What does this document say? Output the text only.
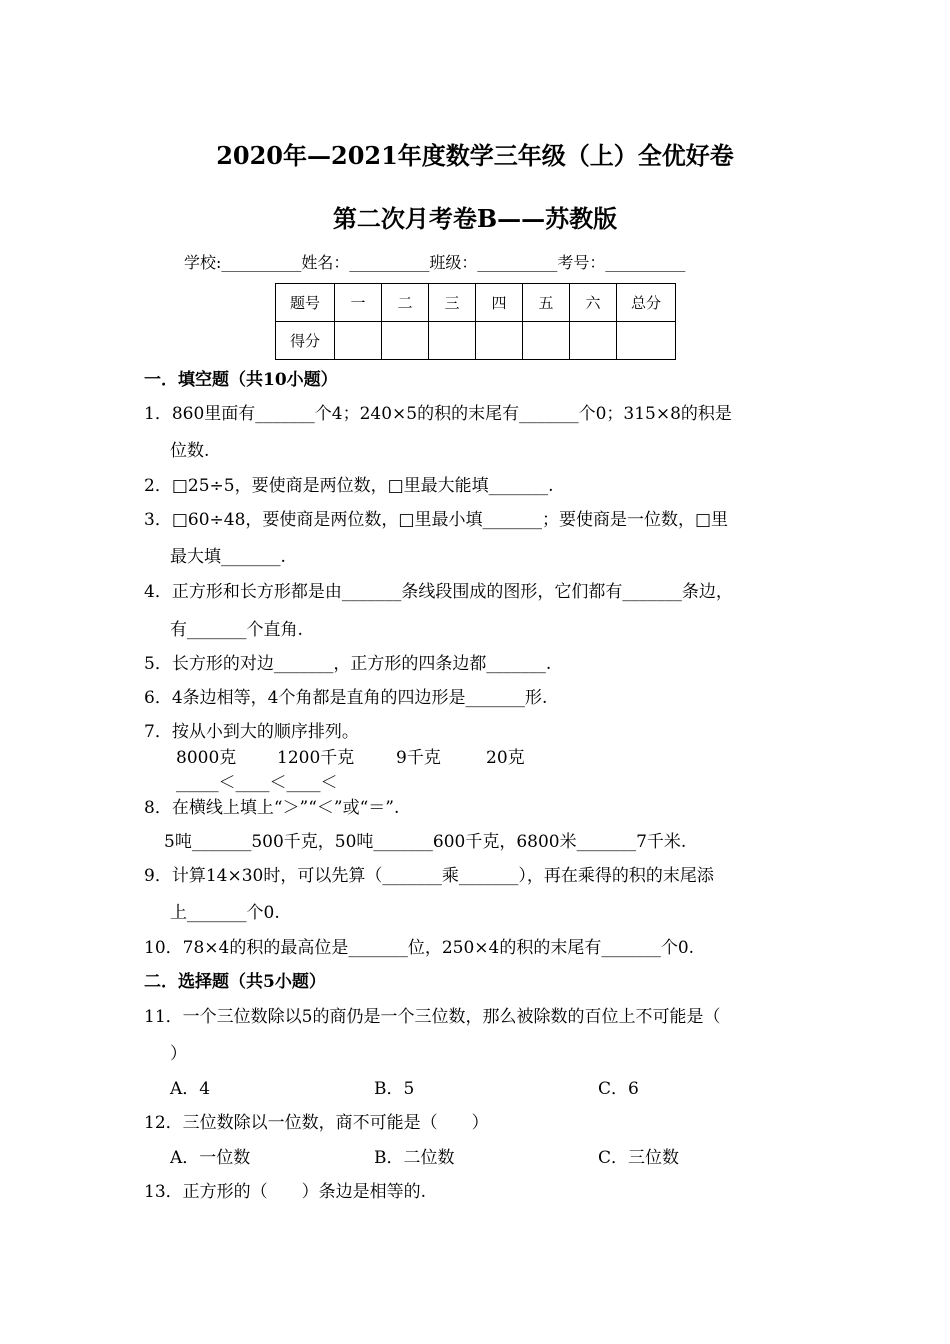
2020年—2021年度数学三年级（上）全优好卷
第二次月考卷B——苏教版
学校:__________姓名：__________班级：__________考号：__________
题号	一	二	三	四	五	六	总分
得分							
一．填空题（共10小题）
1．860里面有_______个4；240×5的积的末尾有_______个0；315×8的积是
位数.
2．□25÷5，要使商是两位数，□里最大能填_______.
3．□60÷48，要使商是两位数，□里最小填_______；要使商是一位数，□里
最大填_______.
4．正方形和长方形都是由_______条线段围成的图形，它们都有_______条边，
有_______个直角.
5．长方形的对边_______，正方形的四条边都_______.
6．4条边相等，4个角都是直角的四边形是_______形.
7．按从小到大的顺序排列。
8000克 1200千克 9千克	20克
_____＜____＜____＜
8．在横线上填上“＞”“＜”或“＝”.
5吨_______500千克，50吨_______600千克，6800米_______7千米.
9．计算14×30时，可以先算（_______乘_______），再在乘得的积的末尾添
上_______个0.
10．78×4的积的最高位是_______位，250×4的积的末尾有_______个0.
二．选择题（共5小题）
11．一个三位数除以5的商仍是一个三位数，那么被除数的百位上不可能是（
）
A．4	B．5	C．6
12．三位数除以一位数，商不可能是（　　）
A．一位数	B．二位数	C．三位数
13．正方形的（　　）条边是相等的.
